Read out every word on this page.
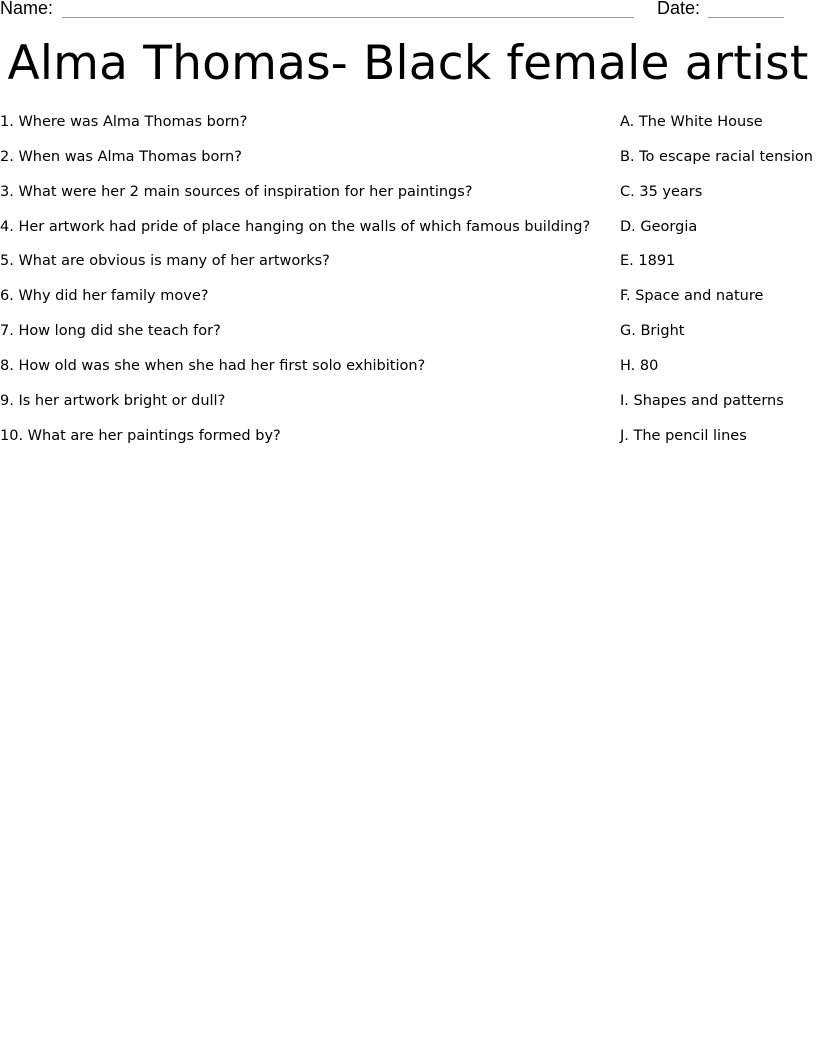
Name:	Date:
Alma Thomas- Black female artist
1. Where was Alma Thomas born?
2. When was Alma Thomas born?
3. What were her 2 main sources of inspiration for her paintings?
4. Her artwork had pride of place hanging on the walls of which famous building?
5. What are obvious is many of her artworks?
6. Why did her family move?
7. How long did she teach for?
8. How old was she when she had her first solo exhibition?
9. Is her artwork bright or dull?
10. What are her paintings formed by?
A. The White House
B. To escape racial tension
C. 35 years
D. Georgia
E. 1891
F. Space and nature
G. Bright
H. 80
I. Shapes and patterns
J. The pencil lines
